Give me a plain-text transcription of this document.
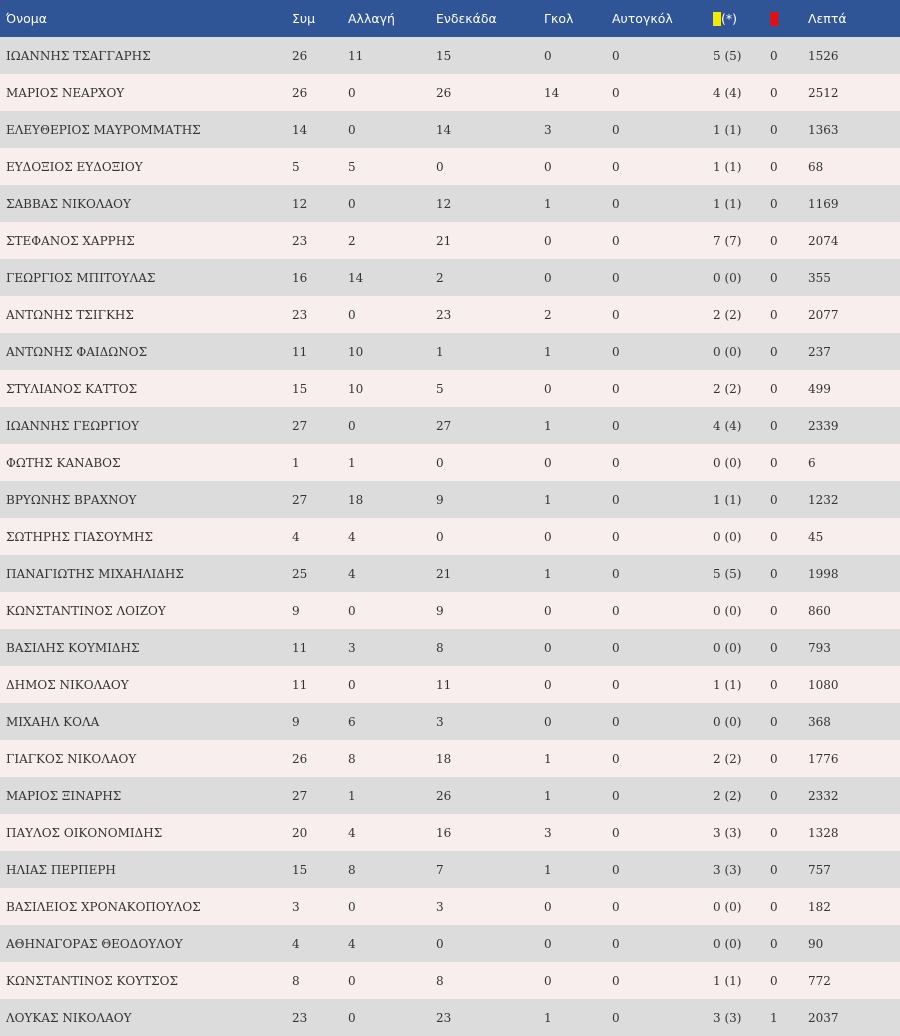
Όνομα	Συμ	Αλλαγή	Ενδεκάδα	Γκολ	Αυτογκόλ	(*)		Λεπτά
ΙΩΑΝΝΗΣ ΤΣΑΓΓΑΡΗΣ	26	11	15	0	0	5 (5)	0	1526
ΜΑΡΙΟΣ ΝΕΑΡΧΟΥ	26	0	26	14	0	4 (4)	0	2512
ΕΛΕΥΘΕΡΙΟΣ ΜΑΥΡΟΜΜΑΤΗΣ	14	0	14	3	0	1 (1)	0	1363
ΕΥΔΟΞΙΟΣ ΕΥΔΟΞΙΟΥ	5	5	0	0	0	1 (1)	0	68
ΣΑΒΒΑΣ ΝΙΚΟΛΑΟΥ	12	0	12	1	0	1 (1)	0	1169
ΣΤΕΦΑΝΟΣ ΧΑΡΡΗΣ	23	2	21	0	0	7 (7)	0	2074
ΓΕΩΡΓΙΟΣ ΜΠΙΤΟΥΛΑΣ	16	14	2	0	0	0 (0)	0	355
ΑΝΤΩΝΗΣ ΤΣΙΓΚΗΣ	23	0	23	2	0	2 (2)	0	2077
ΑΝΤΩΝΗΣ ΦΑΙΔΩΝΟΣ	11	10	1	1	0	0 (0)	0	237
ΣΤΥΛΙΑΝΟΣ ΚΑΤΤΟΣ	15	10	5	0	0	2 (2)	0	499
ΙΩΑΝΝΗΣ ΓΕΩΡΓΙΟΥ	27	0	27	1	0	4 (4)	0	2339
ΦΩΤΗΣ ΚΑΝΑΒΟΣ	1	1	0	0	0	0 (0)	0	6
ΒΡΥΩΝΗΣ ΒΡΑΧΝΟΥ	27	18	9	1	0	1 (1)	0	1232
ΣΩΤΗΡΗΣ ΓΙΑΣΟΥΜΗΣ	4	4	0	0	0	0 (0)	0	45
ΠΑΝΑΓΙΩΤΗΣ ΜΙΧΑΗΛΙΔΗΣ	25	4	21	1	0	5 (5)	0	1998
ΚΩΝΣΤΑΝΤΙΝΟΣ ΛΟΙΖΟΥ	9	0	9	0	0	0 (0)	0	860
ΒΑΣΙΛΗΣ ΚΟΥΜΙΔΗΣ	11	3	8	0	0	0 (0)	0	793
ΔΗΜΟΣ ΝΙΚΟΛΑΟΥ	11	0	11	0	0	1 (1)	0	1080
ΜΙΧΑΗΛ ΚΟΛΑ	9	6	3	0	0	0 (0)	0	368
ΓΙΑΓΚΟΣ ΝΙΚΟΛΑΟΥ	26	8	18	1	0	2 (2)	0	1776
ΜΑΡΙΟΣ ΞΙΝΑΡΗΣ	27	1	26	1	0	2 (2)	0	2332
ΠΑΥΛΟΣ ΟΙΚΟΝΟΜΙΔΗΣ	20	4	16	3	0	3 (3)	0	1328
ΗΛΙΑΣ ΠΕΡΠΕΡΗ	15	8	7	1	0	3 (3)	0	757
ΒΑΣΙΛΕΙΟΣ ΧΡΟΝΑΚΟΠΟΥΛΟΣ	3	0	3	0	0	0 (0)	0	182
ΑΘΗΝΑΓΟΡΑΣ ΘΕΟΔΟΥΛΟΥ	4	4	0	0	0	0 (0)	0	90
ΚΩΝΣΤΑΝΤΙΝΟΣ ΚΟΥΤΣΟΣ	8	0	8	0	0	1 (1)	0	772
ΛΟΥΚΑΣ ΝΙΚΟΛΑΟΥ	23	0	23	1	0	3 (3)	1	2037
